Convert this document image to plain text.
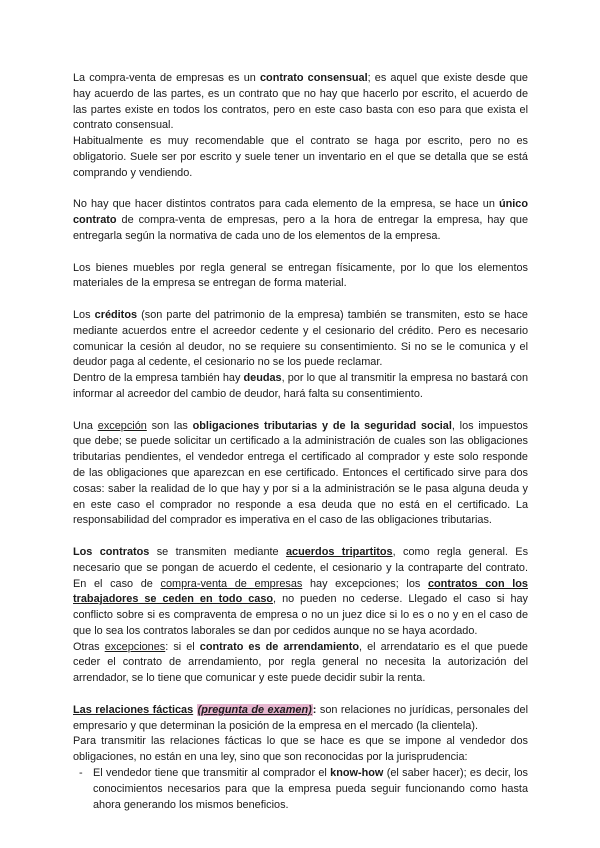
La compra-venta de empresas es un contrato consensual; es aquel que existe desde que hay acuerdo de las partes, es un contrato que no hay que hacerlo por escrito, el acuerdo de las partes existe en todos los contratos, pero en este caso basta con eso para que exista el contrato consensual.

Habitualmente es muy recomendable que el contrato se haga por escrito, pero no es obligatorio. Suele ser por escrito y suele tener un inventario en el que se detalla que se está comprando y vendiendo.

No hay que hacer distintos contratos para cada elemento de la empresa, se hace un único contrato de compra-venta de empresas, pero a la hora de entregar la empresa, hay que entregarla según la normativa de cada uno de los elementos de la empresa.

Los bienes muebles por regla general se entregan físicamente, por lo que los elementos materiales de la empresa se entregan de forma material.

Los créditos (son parte del patrimonio de la empresa) también se transmiten, esto se hace mediante acuerdos entre el acreedor cedente y el cesionario del crédito. Pero es necesario comunicar la cesión al deudor, no se requiere su consentimiento. Si no se le comunica y el deudor paga al cedente, el cesionario no se los puede reclamar.

Dentro de la empresa también hay deudas, por lo que al transmitir la empresa no bastará con informar al acreedor del cambio de deudor, hará falta su consentimiento.

Una excepción son las obligaciones tributarias y de la seguridad social, los impuestos que debe; se puede solicitar un certificado a la administración de cuales son las obligaciones tributarias pendientes, el vendedor entrega el certificado al comprador y este solo responde de las obligaciones que aparezcan en ese certificado. Entonces el certificado sirve para dos cosas: saber la realidad de lo que hay y por si a la administración se le pasa alguna deuda y en este caso el comprador no responde a esa deuda que no está en el certificado. La responsabilidad del comprador es imperativa en el caso de las obligaciones tributarias.

Los contratos se transmiten mediante acuerdos tripartitos, como regla general. Es necesario que se pongan de acuerdo el cedente, el cesionario y la contraparte del contrato. En el caso de compra-venta de empresas hay excepciones; los contratos con los trabajadores se ceden en todo caso, no pueden no cederse. Llegado el caso si hay conflicto sobre si es compraventa de empresa o no un juez dice si lo es o no y en el caso de que lo sea los contratos laborales se dan por cedidos aunque no se haya acordado.

Otras excepciones: si el contrato es de arrendamiento, el arrendatario es el que puede ceder el contrato de arrendamiento, por regla general no necesita la autorización del arrendador, se lo tiene que comunicar y este puede decidir subir la renta.

Las relaciones fácticas (pregunta de examen): son relaciones no jurídicas, personales del empresario y que determinan la posición de la empresa en el mercado (la clientela).

Para transmitir las relaciones fácticas lo que se hace es que se impone al vendedor dos obligaciones, no están en una ley, sino que son reconocidas por la jurisprudencia:

- El vendedor tiene que transmitir al comprador el know-how (el saber hacer); es decir, los conocimientos necesarios para que la empresa pueda seguir funcionando como hasta ahora generando los mismos beneficios.
